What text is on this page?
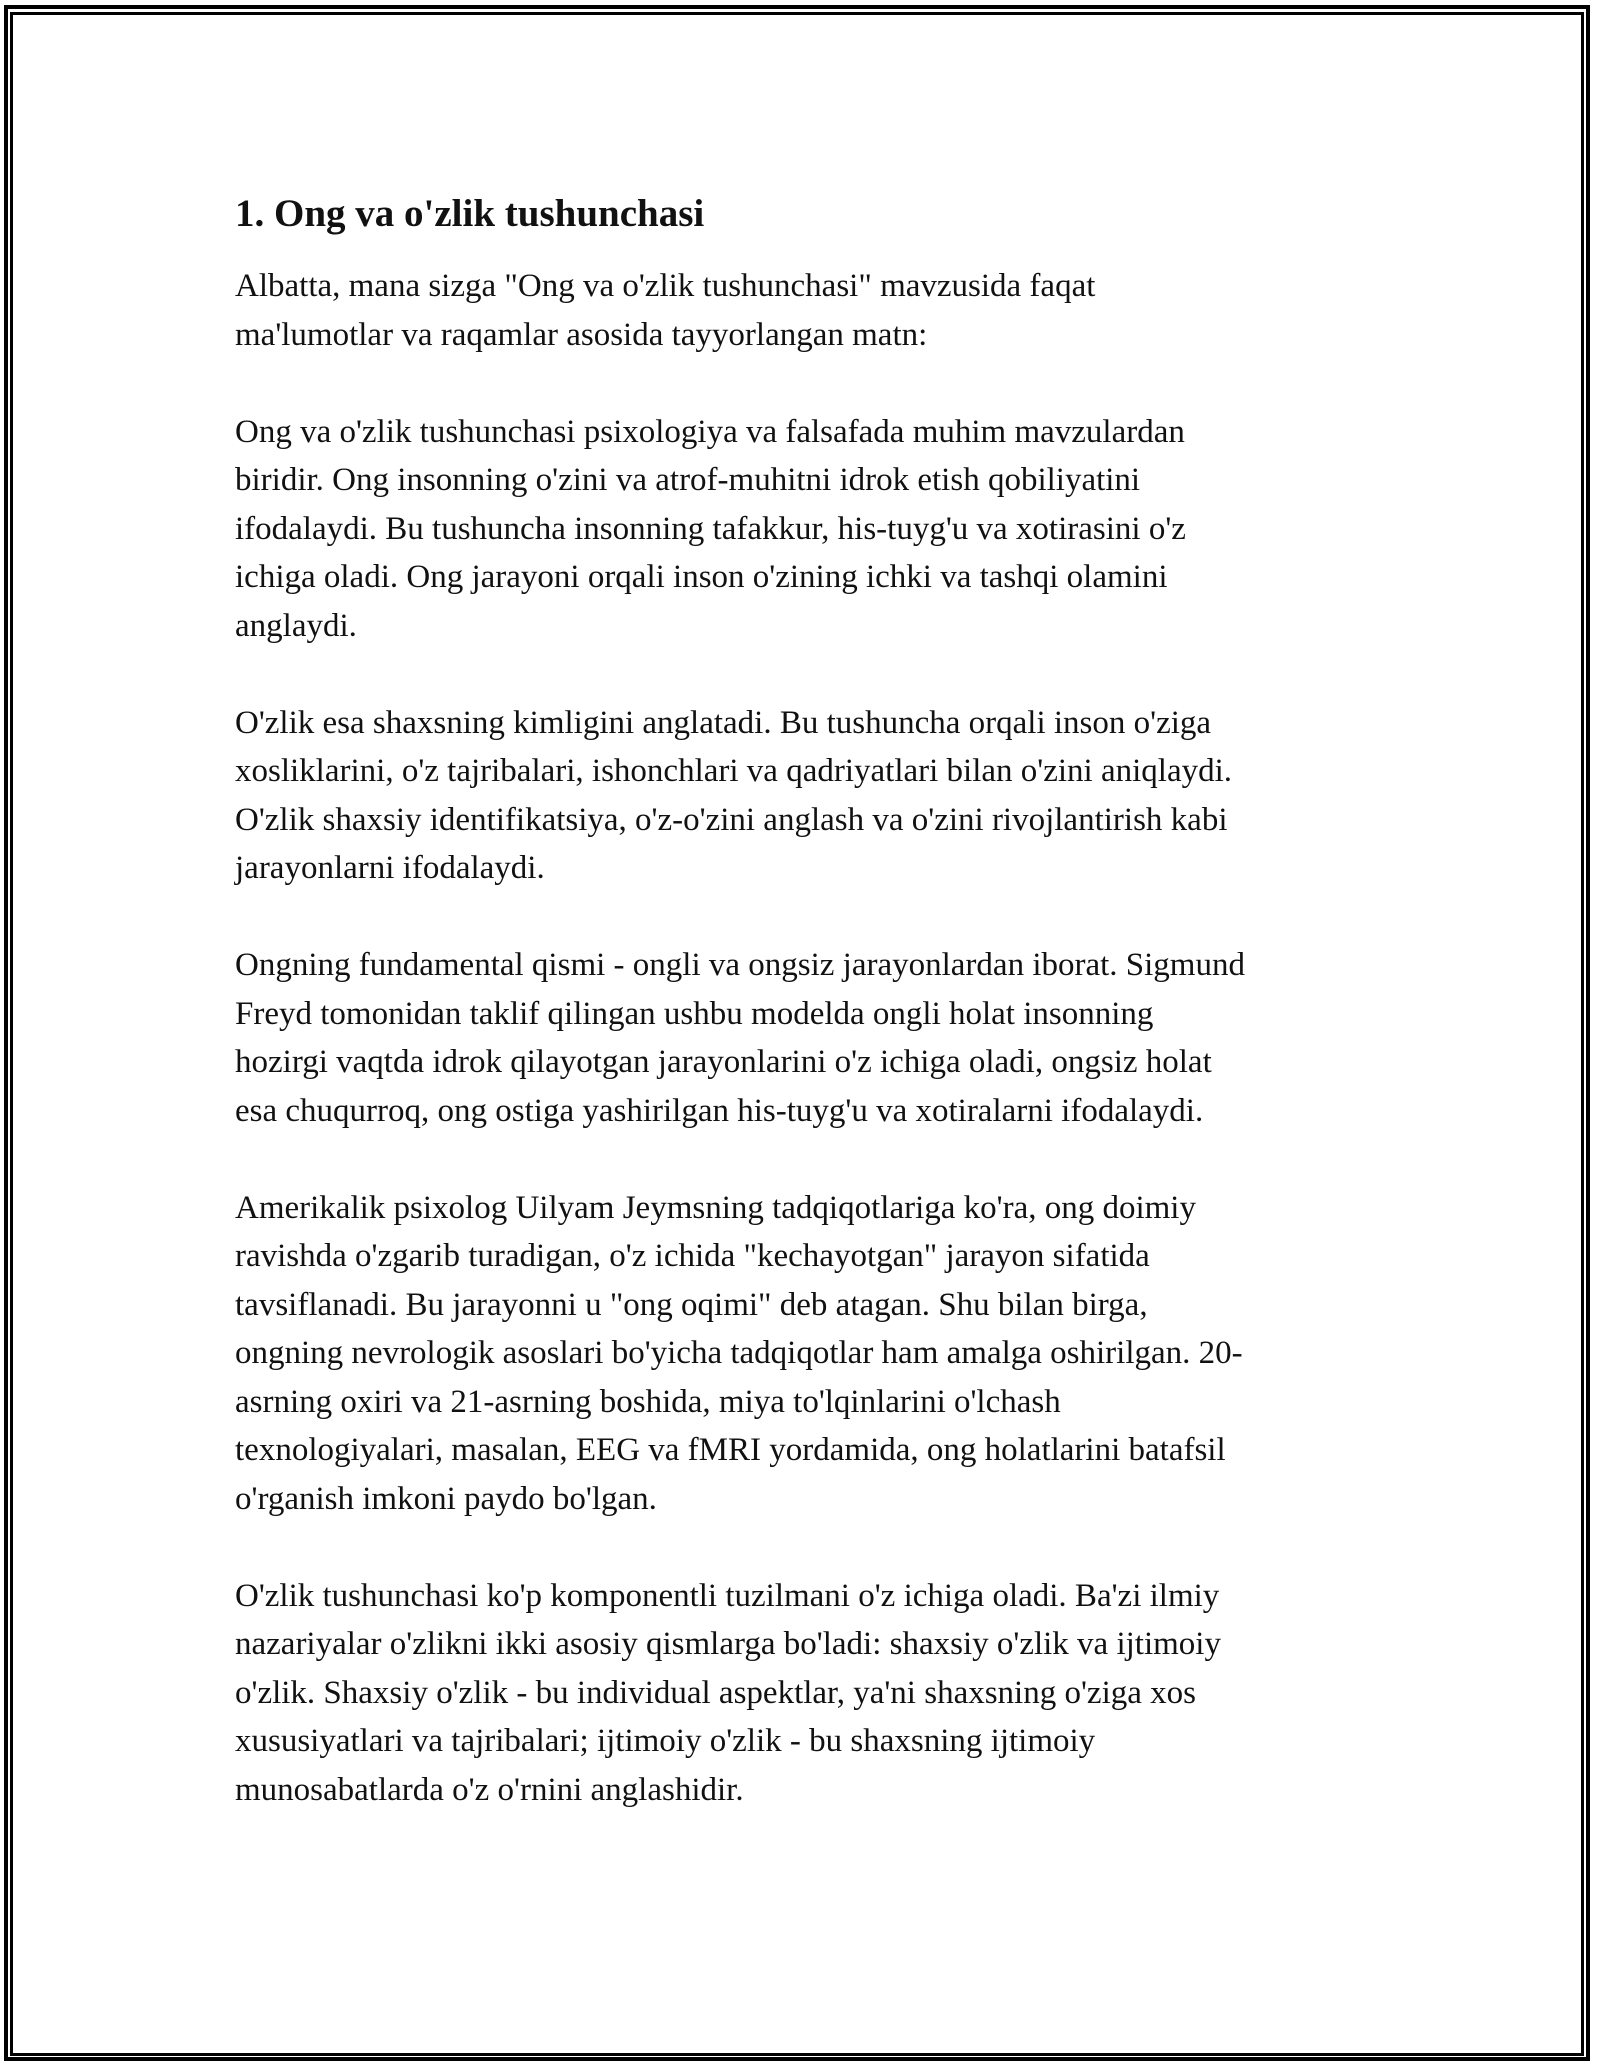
1. Ong va o'zlik tushunchasi

Albatta, mana sizga "Ong va o'zlik tushunchasi" mavzusida faqat
ma'lumotlar va raqamlar asosida tayyorlangan matn:

Ong va o'zlik tushunchasi psixologiya va falsafada muhim mavzulardan
biridir. Ong insonning o'zini va atrof-muhitni idrok etish qobiliyatini
ifodalaydi. Bu tushuncha insonning tafakkur, his-tuyg'u va xotirasini o'z
ichiga oladi. Ong jarayoni orqali inson o'zining ichki va tashqi olamini
anglaydi.

O'zlik esa shaxsning kimligini anglatadi. Bu tushuncha orqali inson o'ziga
xosliklarini, o'z tajribalari, ishonchlari va qadriyatlari bilan o'zini aniqlaydi.
O'zlik shaxsiy identifikatsiya, o'z-o'zini anglash va o'zini rivojlantirish kabi
jarayonlarni ifodalaydi.

Ongning fundamental qismi - ongli va ongsiz jarayonlardan iborat. Sigmund
Freyd tomonidan taklif qilingan ushbu modelda ongli holat insonning
hozirgi vaqtda idrok qilayotgan jarayonlarini o'z ichiga oladi, ongsiz holat
esa chuqurroq, ong ostiga yashirilgan his-tuyg'u va xotiralarni ifodalaydi.

Amerikalik psixolog Uilyam Jeymsning tadqiqotlariga ko'ra, ong doimiy
ravishda o'zgarib turadigan, o'z ichida "kechayotgan" jarayon sifatida
tavsiflanadi. Bu jarayonni u "ong oqimi" deb atagan. Shu bilan birga,
ongning nevrologik asoslari bo'yicha tadqiqotlar ham amalga oshirilgan. 20-
asrning oxiri va 21-asrning boshida, miya to'lqinlarini o'lchash
texnologiyalari, masalan, EEG va fMRI yordamida, ong holatlarini batafsil
o'rganish imkoni paydo bo'lgan.

O'zlik tushunchasi ko'p komponentli tuzilmani o'z ichiga oladi. Ba'zi ilmiy
nazariyalar o'zlikni ikki asosiy qismlarga bo'ladi: shaxsiy o'zlik va ijtimoiy
o'zlik. Shaxsiy o'zlik - bu individual aspektlar, ya'ni shaxsning o'ziga xos
xususiyatlari va tajribalari; ijtimoiy o'zlik - bu shaxsning ijtimoiy
munosabatlarda o'z o'rnini anglashidir.
